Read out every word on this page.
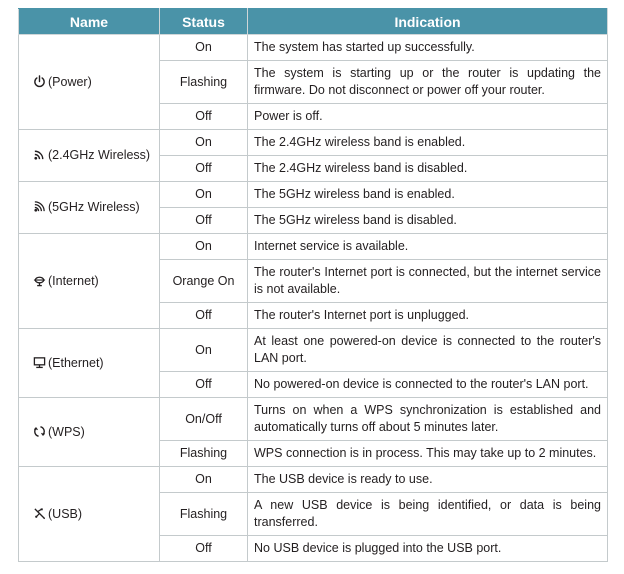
Name	Status	Indication

(Power)	On	The system has started up successfully.
	Flashing	The system is starting up or the router is updating the firmware. Do not disconnect or power off your router.
	Off	Power is off.

(2.4GHz Wireless)	On	The 2.4GHz wireless band is enabled.
	Off	The 2.4GHz wireless band is disabled.

(5GHz Wireless)	On	The 5GHz wireless band is enabled.
	Off	The 5GHz wireless band is disabled.

(Internet)	On	Internet service is available.
	Orange On	The router's Internet port is connected, but the internet service is not available.
	Off	The router's Internet port is unplugged.

(Ethernet)	On	At least one powered-on device is connected to the router's LAN port.
	Off	No powered-on device is connected to the router's LAN port.

(WPS)	On/Off	Turns on when a WPS synchronization is established and automatically turns off about 5 minutes later.
	Flashing	WPS connection is in process. This may take up to 2 minutes.

(USB)	On	The USB device is ready to use.
	Flashing	A new USB device is being identified, or data is being transferred.
	Off	No USB device is plugged into the USB port.
